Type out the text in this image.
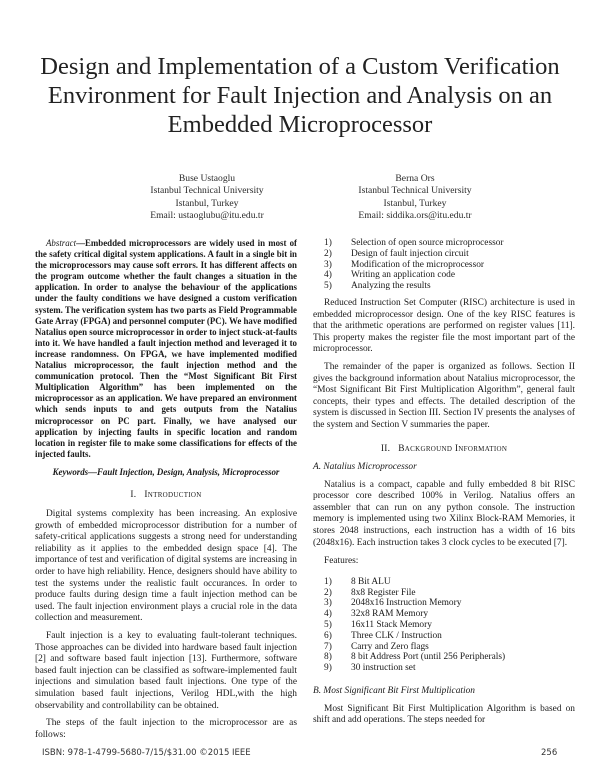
Design and Implementation of a Custom Verification Environment for Fault Injection and Analysis on an Embedded Microprocessor
Buse Ustaoglu
Istanbul Technical University
Istanbul, Turkey
Email: ustaoglubu@itu.edu.tr
Berna Ors
Istanbul Technical University
Istanbul, Turkey
Email: siddika.ors@itu.edu.tr

Abstract—Embedded microprocessors are widely used in most of the safety critical digital system applications. A fault in a single bit in the microprocessors may cause soft errors. It has different affects on the program outcome whether the fault changes a situation in the application. In order to analyse the behaviour of the applications under the faulty conditions we have designed a custom verification system. The verification system has two parts as Field Programmable Gate Array (FPGA) and personnel computer (PC). We have modified Natalius open source microprocessor in order to inject stuck-at-faults into it. We have handled a fault injection method and leveraged it to increase randomness. On FPGA, we have implemented modified Natalius microprocessor, the fault injection method and the communication protocol. Then the “Most Significant Bit First Multiplication Algorithm” has been implemented on the microprocessor as an application. We have prepared an environment which sends inputs to and gets outputs from the Natalius microprocessor on PC part. Finally, we have analysed our application by injecting faults in specific location and random location in register file to make some classifications for effects of the injected faults.

Keywords—Fault Injection, Design, Analysis, Microprocessor
I. Introduction

Digital systems complexity has been increasing. An explosive growth of embedded microprocessor distribution for a number of safety-critical applications suggests a strong need for understanding reliability as it applies to the embedded design space [4]. The importance of test and verification of digital systems are increasing in order to have high reliability. Hence, designers should have ability to test the systems under the realistic fault occurances. In order to produce faults during design time a fault injection method can be used. The fault injection environment plays a crucial role in the data collection and measurement.

Fault injection is a key to evaluating fault-tolerant techniques. Those approaches can be divided into hardware based fault injection [2] and software based fault injection [13]. Furthermore, software based fault injection can be classified as software-implemented fault injections and simulation based fault injections. One type of the simulation based fault injections, Verilog HDL,with the high observability and controllability can be obtained.

The steps of the fault injection to the microprocessor are as follows:

1)	Selection of open source microprocessor
2)	Design of fault injection circuit
3)	Modification of the microprocessor
4)	Writing an application code
5)	Analyzing the results

Reduced Instruction Set Computer (RISC) architecture is used in embedded microprocessor design. One of the key RISC features is that the arithmetic operations are performed on register values [11]. This property makes the register file the most important part of the microprocessor.

The remainder of the paper is organized as follows. Section II gives the background information about Natalius microprocessor, the “Most Significant Bit First Multiplication Algorithm”, general fault concepts, their types and effects. The detailed description of the system is discussed in Section III. Section IV presents the analyses of the system and Section V summaries the paper.

II. Background Information
A. Natalius Microprocessor

Natalius is a compact, capable and fully embedded 8 bit RISC processor core described 100% in Verilog. Natalius offers an assembler that can run on any python console. The instruction memory is implemented using two Xilinx Block-RAM Memories, it stores 2048 instructions, each instruction has a width of 16 bits (2048x16). Each instruction takes 3 clock cycles to be executed [7].

Features:
1)	8 Bit ALU
2)	8x8 Register File
3)	2048x16 Instruction Memory
4)	32x8 RAM Memory
5)	16x11 Stack Memory
6)	Three CLK / Instruction
7)	Carry and Zero flags
8)	8 bit Address Port (until 256 Peripherals)
9)	30 instruction set
B. Most Significant Bit First Multiplication

Most Significant Bit First Multiplication Algorithm is based on shift and add operations. The steps needed for

ISBN: 978-1-4799-5680-7/15/$31.00 ©2015 IEEE	256
